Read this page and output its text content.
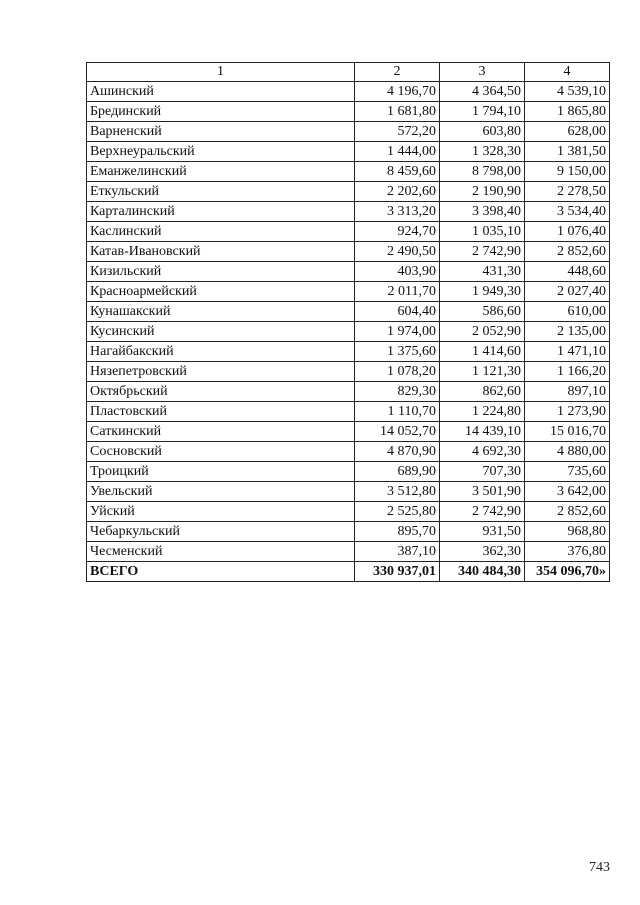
1	2	3	4
Ашинский	4 196,70	4 364,50	4 539,10
Брединский	1 681,80	1 794,10	1 865,80
Варненский	572,20	603,80	628,00
Верхнеуральский	1 444,00	1 328,30	1 381,50
Еманжелинский	8 459,60	8 798,00	9 150,00
Еткульский	2 202,60	2 190,90	2 278,50
Карталинский	3 313,20	3 398,40	3 534,40
Каслинский	924,70	1 035,10	1 076,40
Катав-Ивановский	2 490,50	2 742,90	2 852,60
Кизильский	403,90	431,30	448,60
Красноармейский	2 011,70	1 949,30	2 027,40
Кунашакский	604,40	586,60	610,00
Кусинский	1 974,00	2 052,90	2 135,00
Нагайбакский	1 375,60	1 414,60	1 471,10
Нязепетровский	1 078,20	1 121,30	1 166,20
Октябрьский	829,30	862,60	897,10
Пластовский	1 110,70	1 224,80	1 273,90
Саткинский	14 052,70	14 439,10	15 016,70
Сосновский	4 870,90	4 692,30	4 880,00
Троицкий	689,90	707,30	735,60
Увельский	3 512,80	3 501,90	3 642,00
Уйский	2 525,80	2 742,90	2 852,60
Чебаркульский	895,70	931,50	968,80
Чесменский	387,10	362,30	376,80
ВСЕГО	330 937,01	340 484,30	354 096,70»
743
